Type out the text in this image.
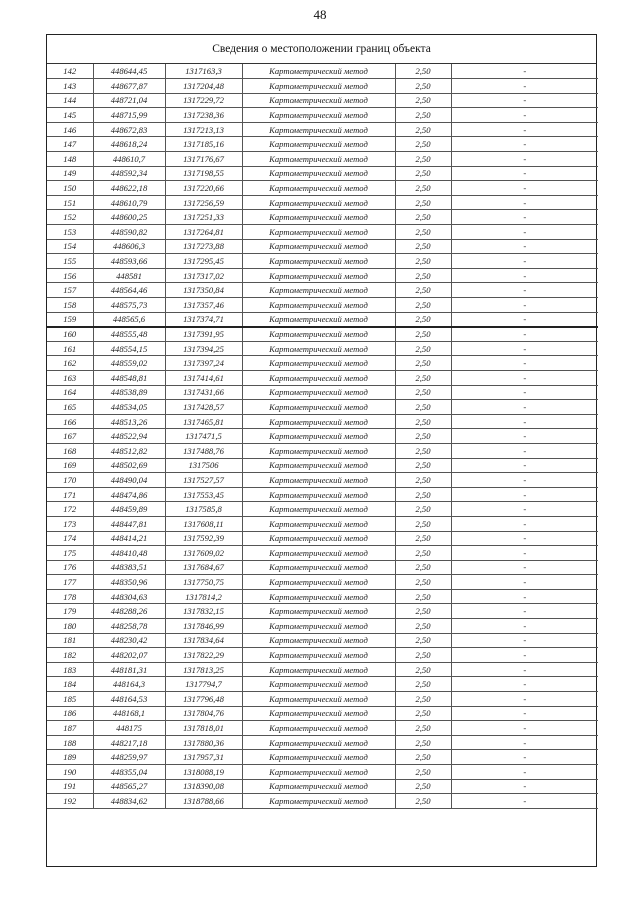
48
Сведения о местоположении границ объекта
142	448644,45	1317163,3	Картометрический метод	2,50	-
143	448677,87	1317204,48	Картометрический метод	2,50	-
144	448721,04	1317229,72	Картометрический метод	2,50	-
145	448715,99	1317238,36	Картометрический метод	2,50	-
146	448672,83	1317213,13	Картометрический метод	2,50	-
147	448618,24	1317185,16	Картометрический метод	2,50	-
148	448610,7	1317176,67	Картометрический метод	2,50	-
149	448592,34	1317198,55	Картометрический метод	2,50	-
150	448622,18	1317220,66	Картометрический метод	2,50	-
151	448610,79	1317256,59	Картометрический метод	2,50	-
152	448600,25	1317251,33	Картометрический метод	2,50	-
153	448590,82	1317264,81	Картометрический метод	2,50	-
154	448606,3	1317273,88	Картометрический метод	2,50	-
155	448593,66	1317295,45	Картометрический метод	2,50	-
156	448581	1317317,02	Картометрический метод	2,50	-
157	448564,46	1317350,84	Картометрический метод	2,50	-
158	448575,73	1317357,46	Картометрический метод	2,50	-
159	448565,6	1317374,71	Картометрический метод	2,50	-
160	448555,48	1317391,95	Картометрический метод	2,50	-
161	448554,15	1317394,25	Картометрический метод	2,50	-
162	448559,02	1317397,24	Картометрический метод	2,50	-
163	448548,81	1317414,61	Картометрический метод	2,50	-
164	448538,89	1317431,66	Картометрический метод	2,50	-
165	448534,05	1317428,57	Картометрический метод	2,50	-
166	448513,26	1317465,81	Картометрический метод	2,50	-
167	448522,94	1317471,5	Картометрический метод	2,50	-
168	448512,82	1317488,76	Картометрический метод	2,50	-
169	448502,69	1317506	Картометрический метод	2,50	-
170	448490,04	1317527,57	Картометрический метод	2,50	-
171	448474,86	1317553,45	Картометрический метод	2,50	-
172	448459,89	1317585,8	Картометрический метод	2,50	-
173	448447,81	1317608,11	Картометрический метод	2,50	-
174	448414,21	1317592,39	Картометрический метод	2,50	-
175	448410,48	1317609,02	Картометрический метод	2,50	-
176	448383,51	1317684,67	Картометрический метод	2,50	-
177	448350,96	1317750,75	Картометрический метод	2,50	-
178	448304,63	1317814,2	Картометрический метод	2,50	-
179	448288,26	1317832,15	Картометрический метод	2,50	-
180	448258,78	1317846,99	Картометрический метод	2,50	-
181	448230,42	1317834,64	Картометрический метод	2,50	-
182	448202,07	1317822,29	Картометрический метод	2,50	-
183	448181,31	1317813,25	Картометрический метод	2,50	-
184	448164,3	1317794,7	Картометрический метод	2,50	-
185	448164,53	1317796,48	Картометрический метод	2,50	-
186	448168,1	1317804,76	Картометрический метод	2,50	-
187	448175	1317818,01	Картометрический метод	2,50	-
188	448217,18	1317880,36	Картометрический метод	2,50	-
189	448259,97	1317957,31	Картометрический метод	2,50	-
190	448355,04	1318088,19	Картометрический метод	2,50	-
191	448565,27	1318390,08	Картометрический метод	2,50	-
192	448834,62	1318788,66	Картометрический метод	2,50	-
